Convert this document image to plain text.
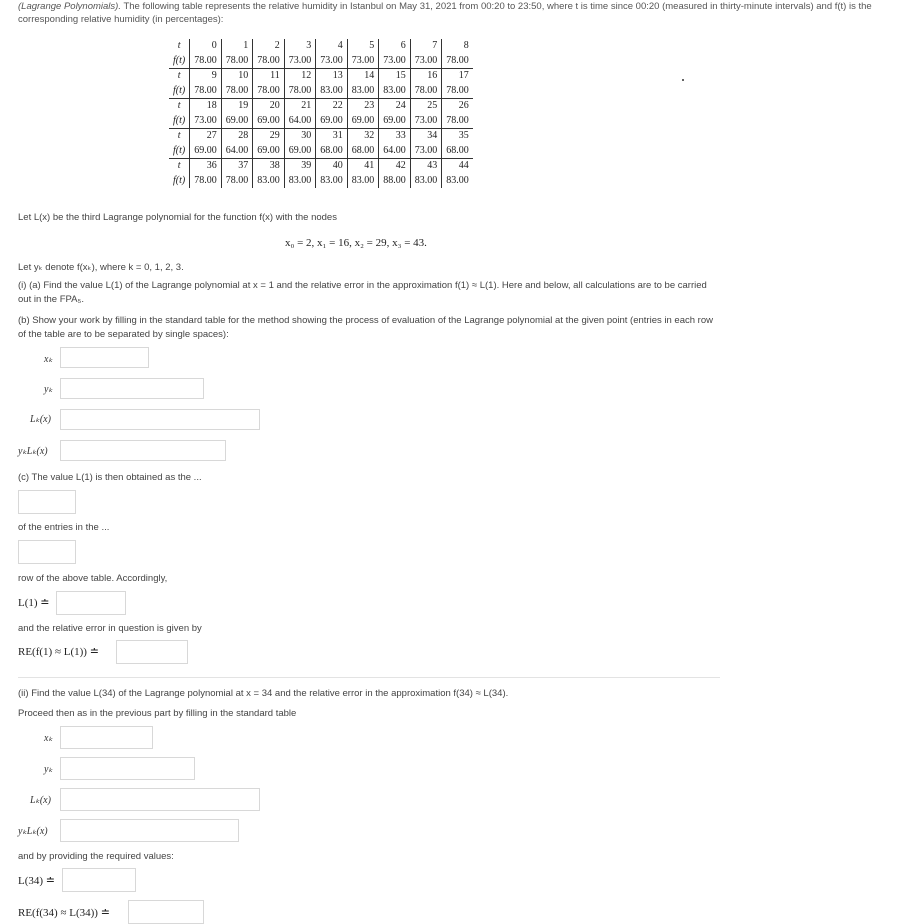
(Lagrange Polynomials). The following table represents the relative humidity in Istanbul on May 31, 2021 from 00:20 to 23:50, where t is time since 00:20 (measured in thirty-minute intervals) and f(t) is the corresponding relative humidity (in percentages):
t	0	1	2	3	4	5	6	7	8
f(t)	78.00	78.00	78.00	73.00	73.00	73.00	73.00	73.00	78.00
t	9	10	11	12	13	14	15	16	17
f(t)	78.00	78.00	78.00	78.00	83.00	83.00	83.00	78.00	78.00
t	18	19	20	21	22	23	24	25	26
f(t)	73.00	69.00	69.00	64.00	69.00	69.00	69.00	73.00	78.00
t	27	28	29	30	31	32	33	34	35
f(t)	69.00	64.00	69.00	69.00	68.00	68.00	64.00	73.00	68.00
t	36	37	38	39	40	41	42	43	44
f(t)	78.00	78.00	83.00	83.00	83.00	83.00	88.00	83.00	83.00
Let L(x) be the third Lagrange polynomial for the function f(x) with the nodes
x₀ = 2, x₁ = 16, x₂ = 29, x₃ = 43.
Let yₖ denote f(xₖ), where k = 0, 1, 2, 3.
(i) (a) Find the value L(1) of the Lagrange polynomial at x = 1 and the relative error in the approximation f(1) ≈ L(1). Here and below, all calculations are to be carried out in the FPA₅.
(b) Show your work by filling in the standard table for the method showing the process of evaluation of the Lagrange polynomial at the given point (entries in each row of the table are to be separated by single spaces):
xₖ
yₖ
Lₖ(x)
yₖLₖ(x)
(c) The value L(1) is then obtained as the ...
of the entries in the ...
row of the above table. Accordingly,
L(1) ≐
and the relative error in question is given by
RE(f(1) ≈ L(1)) ≐
(ii) Find the value L(34) of the Lagrange polynomial at x = 34 and the relative error in the approximation f(34) ≈ L(34).
Proceed then as in the previous part by filling in the standard table
xₖ
yₖ
Lₖ(x)
yₖLₖ(x)
and by providing the required values:
L(34) ≐
RE(f(34) ≈ L(34)) ≐
